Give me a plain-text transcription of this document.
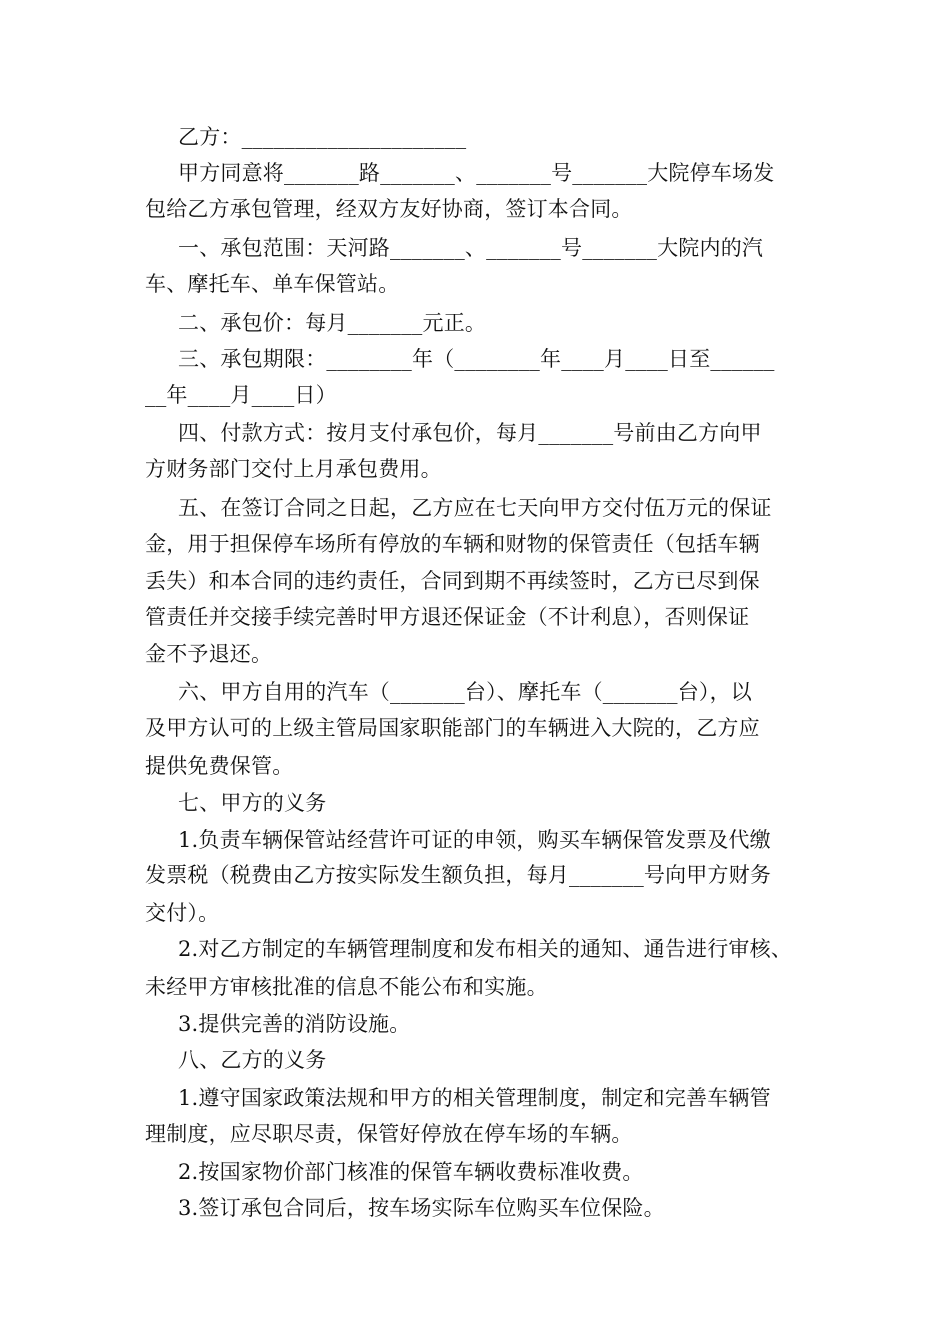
乙方：_____________________
甲方同意将_______路_______、_______号_______大院停车场发
包给乙方承包管理，经双方友好协商，签订本合同。
一、承包范围：天河路_______、_______号_______大院内的汽
车、摩托车、单车保管站。
二、承包价：每月_______元正。
三、承包期限：________年（________年____月____日至______
__年____月____日）
四、付款方式：按月支付承包价，每月_______号前由乙方向甲
方财务部门交付上月承包费用。
五、在签订合同之日起，乙方应在七天向甲方交付伍万元的保证
金，用于担保停车场所有停放的车辆和财物的保管责任（包括车辆
丢失）和本合同的违约责任，合同到期不再续签时，乙方已尽到保
管责任并交接手续完善时甲方退还保证金（不计利息），否则保证
金不予退还。
六、甲方自用的汽车（_______台）、摩托车（_______台），以
及甲方认可的上级主管局国家职能部门的车辆进入大院的，乙方应
提供免费保管。
七、甲方的义务
1.负责车辆保管站经营许可证的申领，购买车辆保管发票及代缴
发票税（税费由乙方按实际发生额负担，每月_______号向甲方财务
交付）。
2.对乙方制定的车辆管理制度和发布相关的通知、通告进行审核、
未经甲方审核批准的信息不能公布和实施。
3.提供完善的消防设施。
八、乙方的义务
1.遵守国家政策法规和甲方的相关管理制度，制定和完善车辆管
理制度，应尽职尽责，保管好停放在停车场的车辆。
2.按国家物价部门核准的保管车辆收费标准收费。
3.签订承包合同后，按车场实际车位购买车位保险。
